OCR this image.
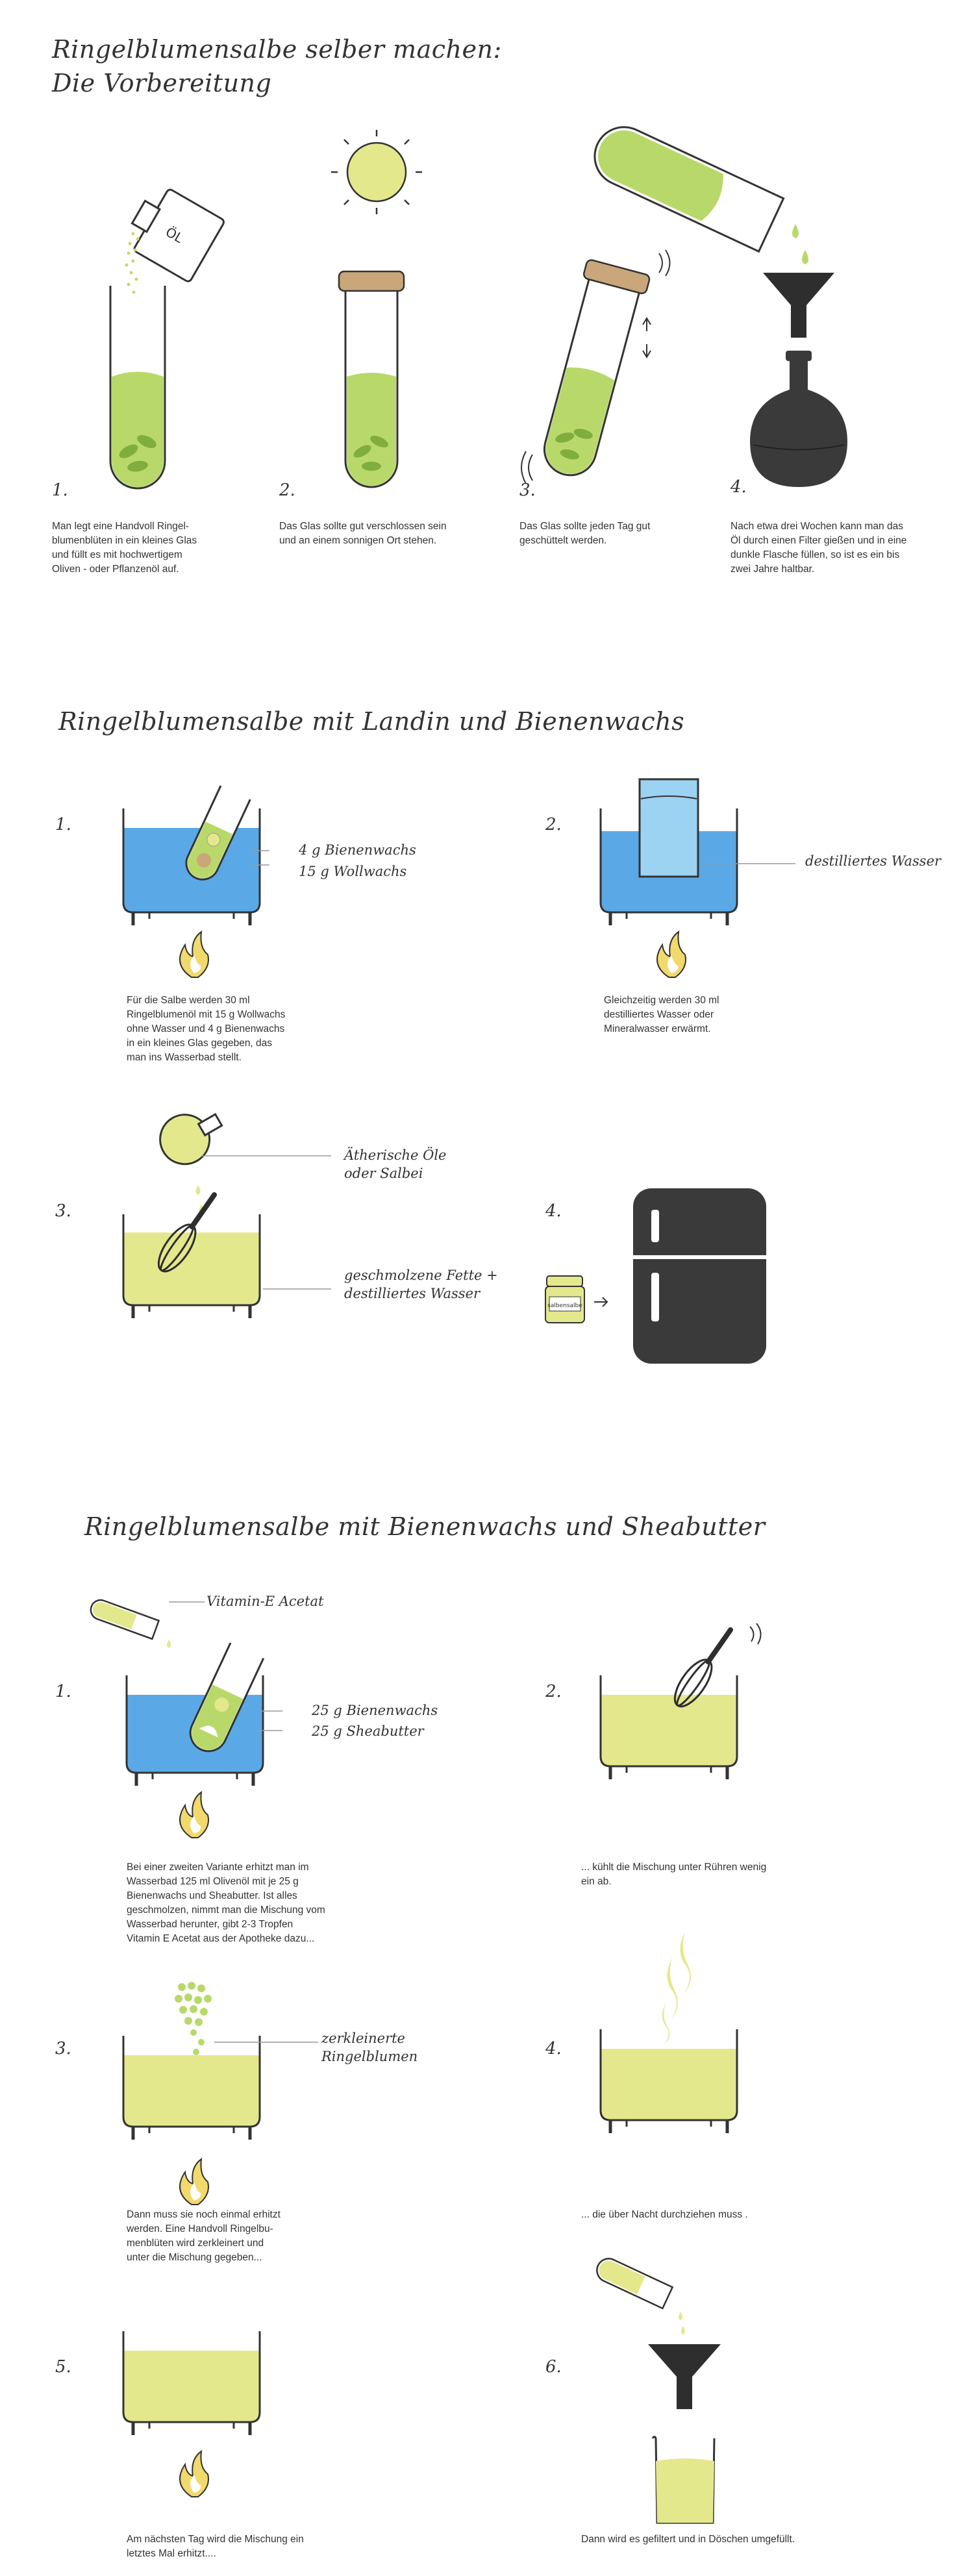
Ringelblumensalbe selber machen:
Die Vorbereitung
ÖL
1.
Man legt eine Handvoll Ringel-
blumenblüten in ein kleines Glas
und füllt es mit hochwertigem
Oliven - oder Pflanzenöl auf.
2.
Das Glas sollte gut verschlossen sein
und an einem sonnigen Ort stehen.
3.
Das Glas sollte jeden Tag gut
geschüttelt werden.
4.
Nach etwa drei Wochen kann man das
Öl durch einen Filter gießen und in eine
dunkle Flasche füllen, so ist es ein bis
zwei Jahre haltbar.
Ringelblumensalbe mit Landin und Bienenwachs
1.
4 g Bienenwachs
15 g Wollwachs
Für die Salbe werden 30 ml
Ringelblumenöl mit 15 g Wollwachs
ohne Wasser und 4 g Bienenwachs
in ein kleines Glas gegeben, das
man ins Wasserbad stellt.
2.
destilliertes Wasser
Gleichzeitig werden 30 ml
destilliertes Wasser oder
Mineralwasser erwärmt.
3.
Ätherische Öle
oder Salbei
geschmolzene Fette +
destilliertes Wasser
4.
salbensalbe
Ringelblumensalbe mit Bienenwachs und Sheabutter
Vitamin-E Acetat
1.
25 g Bienenwachs
25 g Sheabutter
Bei einer zweiten Variante erhitzt man im
Wasserbad 125 ml Olivenöl mit je 25 g
Bienenwachs und Sheabutter. Ist alles
geschmolzen, nimmt man die Mischung vom
Wasserbad herunter, gibt 2-3 Tropfen
Vitamin E Acetat aus der Apotheke dazu...
2.
... kühlt die Mischung unter Rühren wenig
ein ab.
3.
zerkleinerte
Ringelblumen
Dann muss sie noch einmal erhitzt
werden. Eine Handvoll Ringelbu-
menblüten wird zerkleinert und
unter die Mischung gegeben...
4.
... die über Nacht durchziehen muss .
5.
Am nächsten Tag wird die Mischung ein
letztes Mal erhitzt....
6.
Dann wird es gefiltert und in Döschen umgefüllt.
